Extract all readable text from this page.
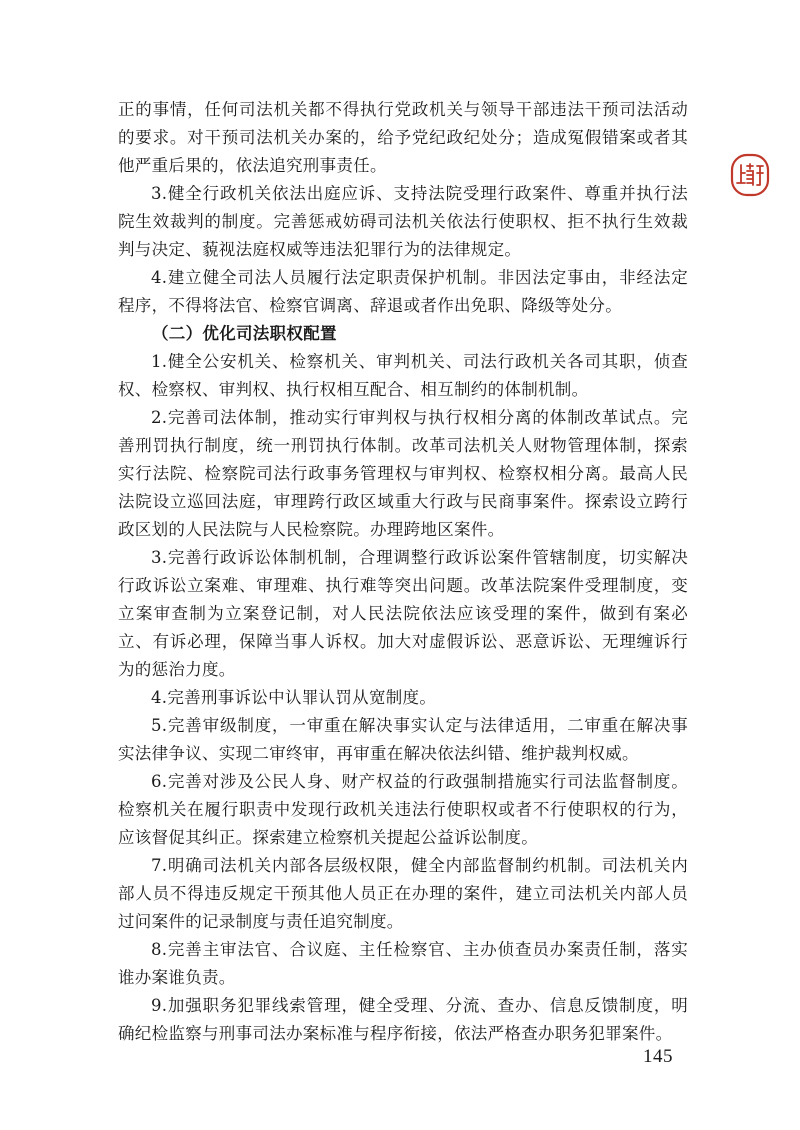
正的事情，任何司法机关都不得执行党政机关与领导干部违法干预司法活动的要求。对干预司法机关办案的，给予党纪政纪处分；造成冤假错案或者其他严重后果的，依法追究刑事责任。

3.健全行政机关依法出庭应诉、支持法院受理行政案件、尊重并执行法院生效裁判的制度。完善惩戒妨碍司法机关依法行使职权、拒不执行生效裁判与决定、藐视法庭权威等违法犯罪行为的法律规定。

4.建立健全司法人员履行法定职责保护机制。非因法定事由，非经法定程序，不得将法官、检察官调离、辞退或者作出免职、降级等处分。

（二）优化司法职权配置

1.健全公安机关、检察机关、审判机关、司法行政机关各司其职，侦查权、检察权、审判权、执行权相互配合、相互制约的体制机制。

2.完善司法体制，推动实行审判权与执行权相分离的体制改革试点。完善刑罚执行制度，统一刑罚执行体制。改革司法机关人财物管理体制，探索实行法院、检察院司法行政事务管理权与审判权、检察权相分离。最高人民法院设立巡回法庭，审理跨行政区域重大行政与民商事案件。探索设立跨行政区划的人民法院与人民检察院。办理跨地区案件。

3.完善行政诉讼体制机制，合理调整行政诉讼案件管辖制度，切实解决行政诉讼立案难、审理难、执行难等突出问题。改革法院案件受理制度，变立案审查制为立案登记制，对人民法院依法应该受理的案件，做到有案必立、有诉必理，保障当事人诉权。加大对虚假诉讼、恶意诉讼、无理缠诉行为的惩治力度。

4.完善刑事诉讼中认罪认罚从宽制度。

5.完善审级制度，一审重在解决事实认定与法律适用，二审重在解决事实法律争议、实现二审终审，再审重在解决依法纠错、维护裁判权威。

6.完善对涉及公民人身、财产权益的行政强制措施实行司法监督制度。检察机关在履行职责中发现行政机关违法行使职权或者不行使职权的行为，应该督促其纠正。探索建立检察机关提起公益诉讼制度。

7.明确司法机关内部各层级权限，健全内部监督制约机制。司法机关内部人员不得违反规定干预其他人员正在办理的案件，建立司法机关内部人员过问案件的记录制度与责任追究制度。

8.完善主审法官、合议庭、主任检察官、主办侦查员办案责任制，落实谁办案谁负责。

9.加强职务犯罪线索管理，健全受理、分流、查办、信息反馈制度，明确纪检监察与刑事司法办案标准与程序衔接，依法严格查办职务犯罪案件。

145
